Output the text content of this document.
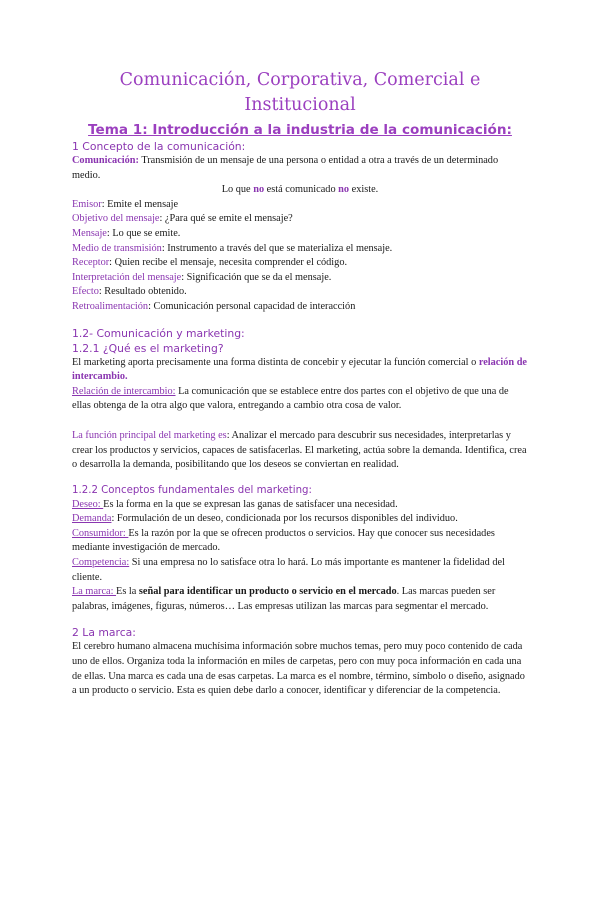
Comunicación, Corporativa, Comercial e Institucional
Tema 1: Introducción a la industria de la comunicación:
1 Concepto de la comunicación:

Comunicación: Transmisión de un mensaje de una persona o entidad a otra a través de un determinado medio.

Lo que no está comunicado no existe.

Emisor: Emite el mensaje

Objetivo del mensaje: ¿Para qué se emite el mensaje?

Mensaje: Lo que se emite.

Medio de transmisión: Instrumento a través del que se materializa el mensaje.

Receptor: Quien recibe el mensaje, necesita comprender el código.

Interpretación del mensaje: Significación que se da el mensaje.

Efecto: Resultado obtenido.

Retroalimentación: Comunicación personal capacidad de interacción

1.2- Comunicación y marketing:
1.2.1 ¿Qué es el marketing?

El marketing aporta precisamente una forma distinta de concebir y ejecutar la función comercial o relación de intercambio.

Relación de intercambio: La comunicación que se establece entre dos partes con el objetivo de que una de ellas obtenga de la otra algo que valora, entregando a cambio otra cosa de valor.

La función principal del marketing es: Analizar el mercado para descubrir sus necesidades, interpretarlas y crear los productos y servicios, capaces de satisfacerlas. El marketing, actúa sobre la demanda. Identifica, crea o desarrolla la demanda, posibilitando que los deseos se conviertan en realidad.

1.2.2 Conceptos fundamentales del marketing:

Deseo: Es la forma en la que se expresan las ganas de satisfacer una necesidad.

Demanda: Formulación de un deseo, condicionada por los recursos disponibles del individuo.

Consumidor: Es la razón por la que se ofrecen productos o servicios. Hay que conocer sus necesidades mediante investigación de mercado.

Competencia: Si una empresa no lo satisface otra lo hará. Lo más importante es mantener la fidelidad del cliente.

La marca: Es la señal para identificar un producto o servicio en el mercado. Las marcas pueden ser palabras, imágenes, figuras, números… Las empresas utilizan las marcas para segmentar el mercado.

2 La marca:

El cerebro humano almacena muchísima información sobre muchos temas, pero muy poco contenido de cada uno de ellos. Organiza toda la información en miles de carpetas, pero con muy poca información en cada una de ellas. Una marca es cada una de esas carpetas. La marca es el nombre, término, símbolo o diseño, asignado a un producto o servicio. Esta es quien debe darlo a conocer, identificar y diferenciar de la competencia.
